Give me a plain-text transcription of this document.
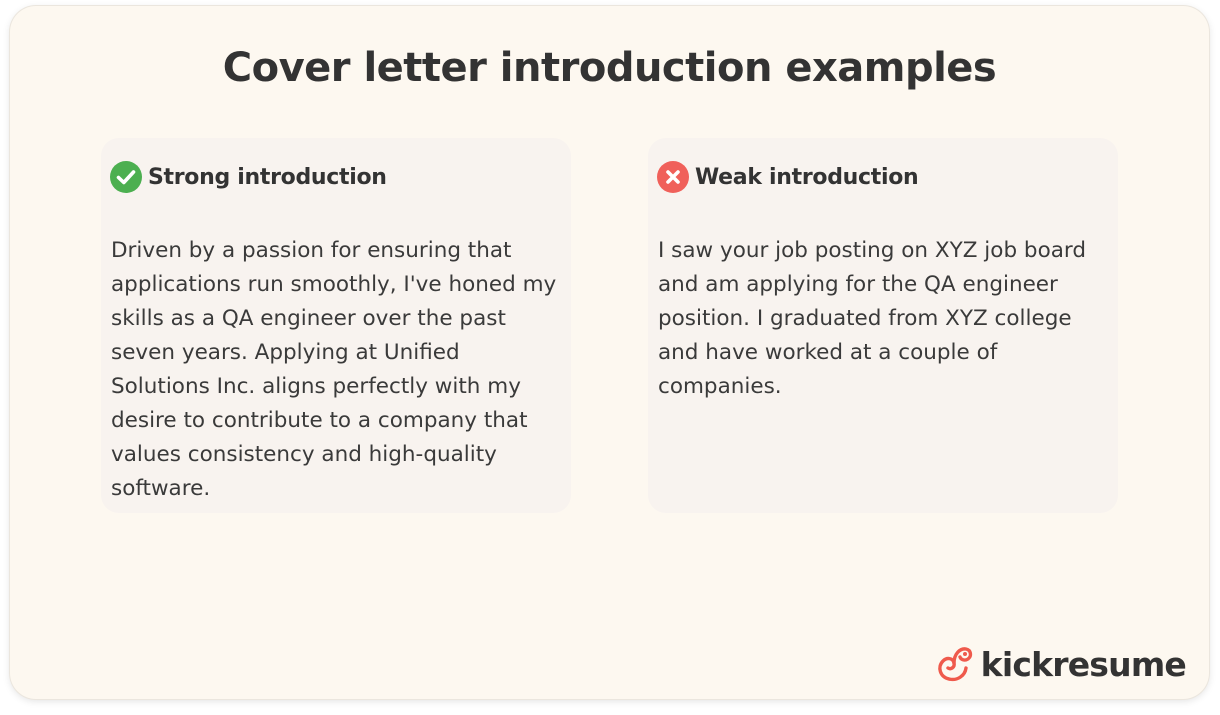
Cover letter introduction examples
Strong introduction

Driven by a passion for ensuring that applications run smoothly, I've honed my skills as a QA engineer over the past seven years. Applying at Unified Solutions Inc. aligns perfectly with my desire to contribute to a company that values consistency and high-quality software.

Weak introduction

I saw your job posting on XYZ job board and am applying for the QA engineer position. I graduated from XYZ college and have worked at a couple of companies.

kickresume
